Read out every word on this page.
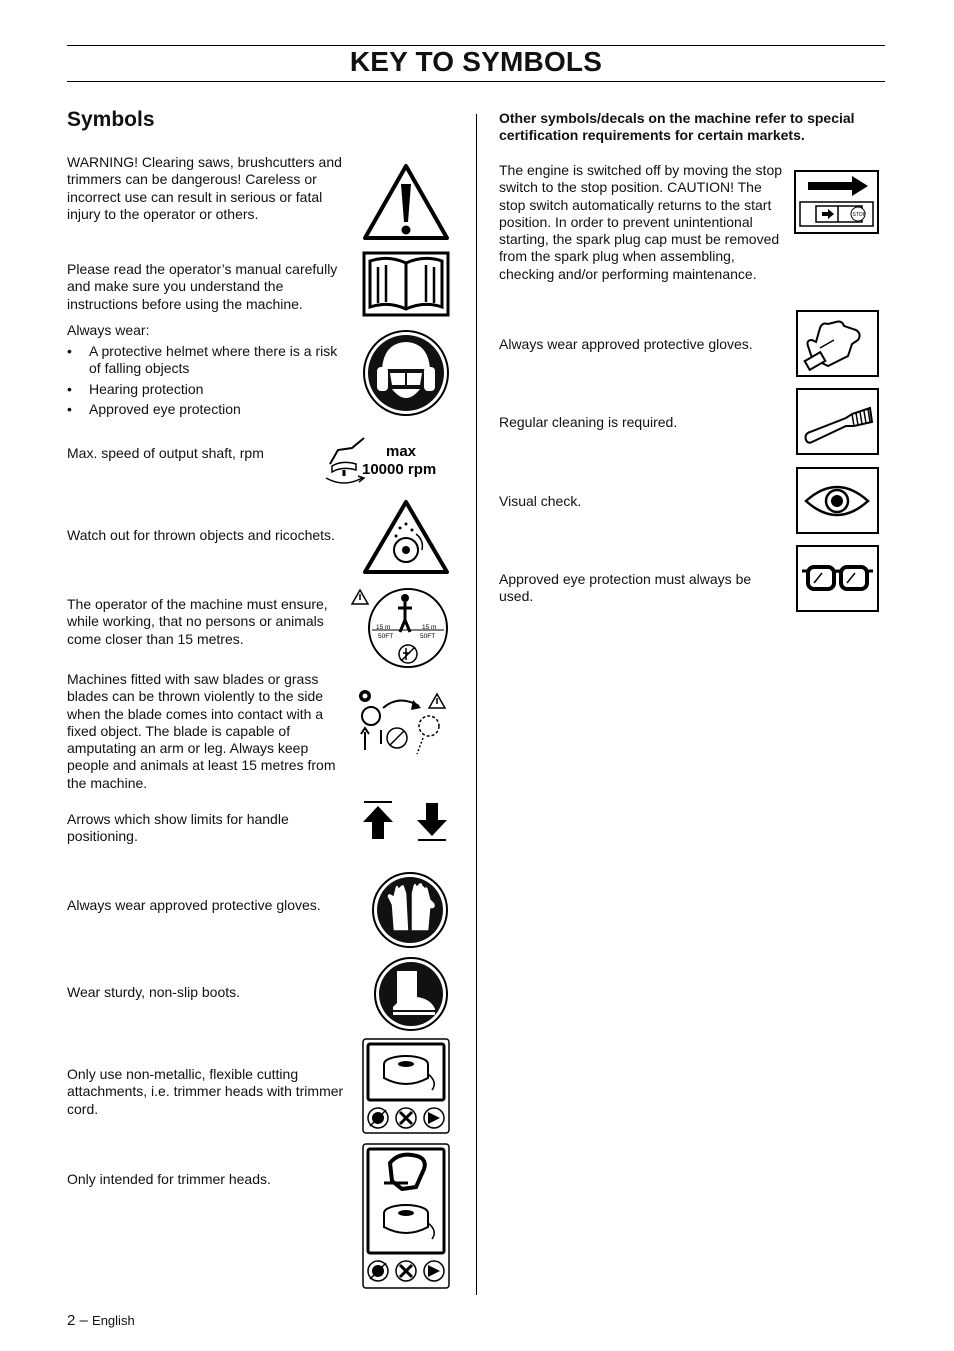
KEY TO SYMBOLS
Symbols
WARNING! Clearing saws, brushcutters and trimmers can be dangerous! Careless or incorrect use can result in serious or fatal injury to the operator or others.
Please read the operator’s manual carefully and make sure you understand the instructions before using the machine.
Always wear:
• A protective helmet where there is a risk of falling objects
• Hearing protection
• Approved eye protection
Max. speed of output shaft, rpm	max
10000 rpm
Watch out for thrown objects and ricochets.
The operator of the machine must ensure, while working, that no persons or animals come closer than 15 metres.
15 m
50FT
15 m
50FT
Machines fitted with saw blades or grass blades can be thrown violently to the side when the blade comes into contact with a fixed object. The blade is capable of amputating an arm or leg. Always keep people and animals at least 15 metres from the machine.
Arrows which show limits for handle positioning.
Always wear approved protective gloves.
Wear sturdy, non-slip boots.
Only use non-metallic, flexible cutting attachments, i.e. trimmer heads with trimmer cord.
Only intended for trimmer heads.
Other symbols/decals on the machine refer to special certification requirements for certain markets.
The engine is switched off by moving the stop switch to the stop position. CAUTION! The stop switch automatically returns to the start position. In order to prevent unintentional starting, the spark plug cap must be removed from the spark plug when assembling, checking and/or performing maintenance.
STOP
Always wear approved protective gloves.
Regular cleaning is required.
Visual check.
Approved eye protection must always be used.
2 – English
